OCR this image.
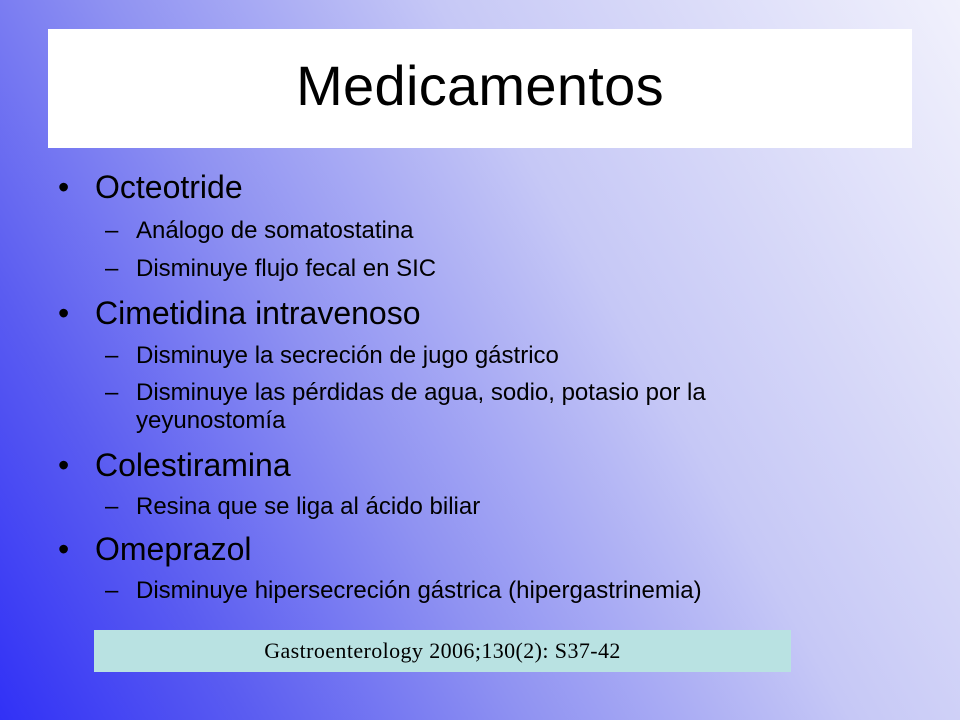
Medicamentos
• Octeotride
– Análogo de somatostatina
– Disminuye flujo fecal en SIC
• Cimetidina intravenoso
– Disminuye la secreción de jugo gástrico
– Disminuye las pérdidas de agua, sodio, potasio por la
yeyunostomía
• Colestiramina
– Resina que se liga al ácido biliar
• Omeprazol
– Disminuye hipersecreción gástrica (hipergastrinemia)
Gastroenterology 2006;130(2): S37-42
